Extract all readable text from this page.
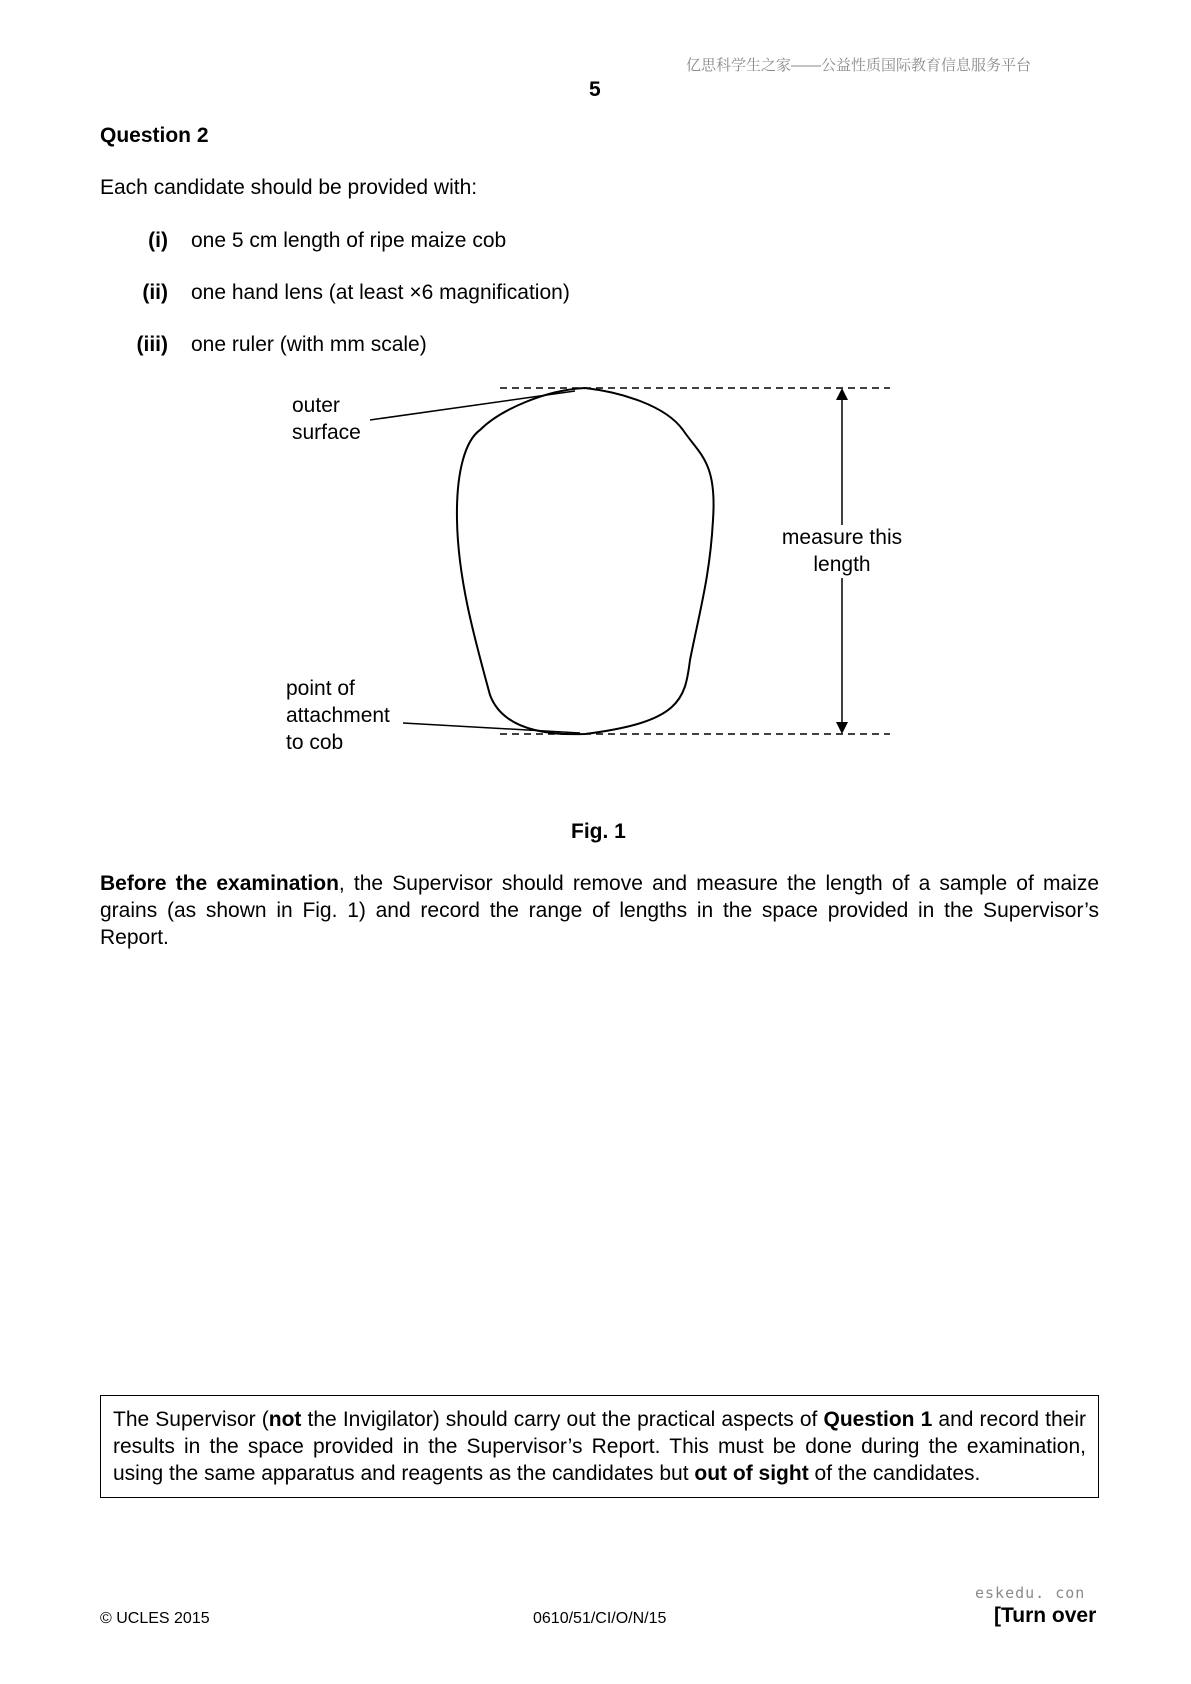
亿思科学生之家——公益性质国际教育信息服务平台
5
Question 2
Each candidate should be provided with:
(i) one 5 cm length of ripe maize cob
(ii) one hand lens (at least ×6 magnification)
(iii) one ruler (with mm scale)
outer
surface
measure this
length
point of
attachment
to cob
Fig. 1
Before the examination, the Supervisor should remove and measure the length of a sample of maize grains (as shown in Fig. 1) and record the range of lengths in the space provided in the Supervisor’s Report.
The Supervisor (not the Invigilator) should carry out the practical aspects of Question 1 and record their results in the space provided in the Supervisor’s Report. This must be done during the examination, using the same apparatus and reagents as the candidates but out of sight of the candidates.
eskedu. con
© UCLES 2015	0610/51/CI/O/N/15	[Turn over
